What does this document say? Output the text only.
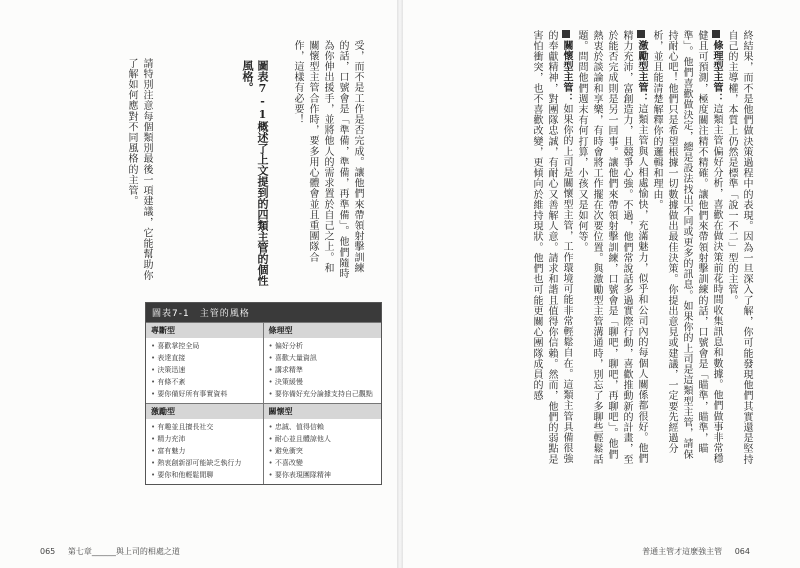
終結果，而不是他們做決策過程中的表現。因為一旦深入了解，你可能發現他們其實還是堅持自己的主導權，本質上仍然是標準「說一不二」型的主管。

條理型主管：這類主管偏好分析，喜歡在做決策前花時間收集訊息和數據。他們做事非常穩健且可預測，極度關注精不精確。讓他們來帶領射擊訓練的話，口號會是「瞄準，瞄準，瞄準」。他們喜歡做決定，總是設法找出不同或更多的訊息。如果你的上司是這類型主管，請保持耐心吧！他們只是希望根據一切數據做出最佳決策。你提出意見或建議，一定要先經過分析，並且能清楚解釋你的邏輯和理由。

激勵型主管：這類主管與人相處愉快，充滿魅力，似乎和公司內的每個人關係都很好。他們精力充沛，富創造力，且競爭心強。不過，他們常說話多過實際行動，喜歡推動新的計畫，至於能否完成則是另一回事。讓他們來帶領射擊訓練，口號會是「聊吧，聊吧，再聊吧」。他們熱衷於談論和享樂，有時會將工作擺在次要位置。與激勵型主管溝通時，別忘了多聊些輕鬆話題。問問他們週末有何打算，小孩又是如何等。

關懷型主管：如果你的上司是關懷型主管，工作環境可能非常輕鬆自在。這類主管具備很強的奉獻精神，對團隊忠誠，有耐心又善解人意。請求和諧且值得你信賴。然而，他們的弱點是害怕衝突，也不喜歡改變，更傾向於維持現狀。他們也可能更關心團隊成員的感

受，而不是工作是否完成。讓他們來帶領射擊訓練的話，口號會是「準備，準備，再準備」。他們隨時為你伸出援手，並將他人的需求置於自己之上。和關懷型主管合作時，要多用心體會並且重團隊合作，這樣有必要！

圖表7-1概述了上文提到的四類主管的個性風格。
請特別注意每個類別最後一項建議，它能幫助你了解如何應對不同風格的主管。
圖表7-1　主管的風格
專斷型
• 喜歡掌控全局
• 表達直接
• 決策迅速
• 有條不紊
• 要你備好所有事實資料
條理型
• 偏好分析
• 喜歡大量資訊
• 講求精準
• 決策緩慢
• 要你備好充分論據支持自己觀點
激勵型
• 有趣並且擅長社交
• 精力充沛
• 富有魅力
• 熱衷創新卻可能缺乏執行力
• 要你和他輕鬆閒聊
關懷型
• 忠誠、值得信賴
• 耐心並且體諒他人
• 避免衝突
• 不喜改變
• 要你表現團隊精神
065 第七章______與上司的相處之道	普通主管才這麼強主管 064
